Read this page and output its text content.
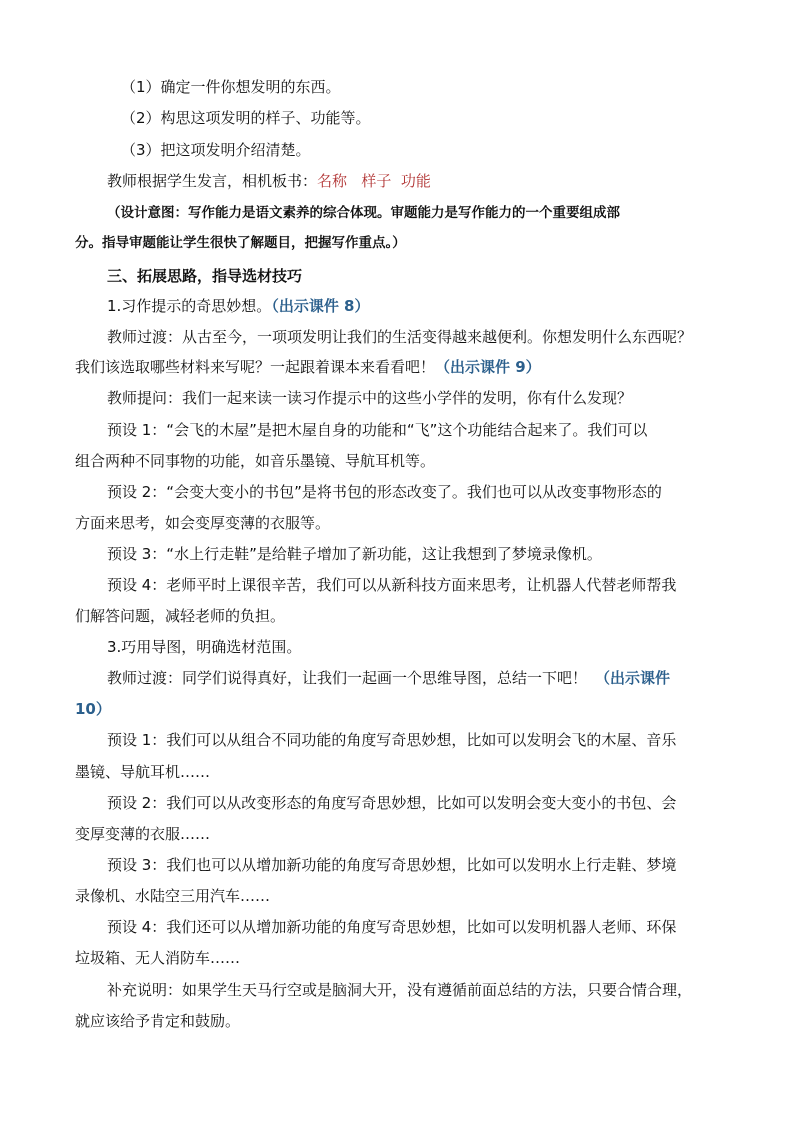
（1）确定一件你想发明的东西。
（2）构思这项发明的样子、功能等。
（3）把这项发明介绍清楚。
教师根据学生发言，相机板书：名称   样子  功能
（设计意图：写作能力是语文素养的综合体现。审题能力是写作能力的一个重要组成部
分。指导审题能让学生很快了解题目，把握写作重点。）
三、拓展思路，指导选材技巧
1.习作提示的奇思妙想。（出示课件 8）
教师过渡：从古至今，一项项发明让我们的生活变得越来越便利。你想发明什么东西呢？
我们该选取哪些材料来写呢？一起跟着课本来看看吧！（出示课件 9）
教师提问：我们一起来读一读习作提示中的这些小学伴的发明，你有什么发现？
预设 1：“会飞的木屋”是把木屋自身的功能和“飞”这个功能结合起来了。我们可以
组合两种不同事物的功能，如音乐墨镜、导航耳机等。
预设 2：“会变大变小的书包”是将书包的形态改变了。我们也可以从改变事物形态的
方面来思考，如会变厚变薄的衣服等。
预设 3：“水上行走鞋”是给鞋子增加了新功能，这让我想到了梦境录像机。
预设 4：老师平时上课很辛苦，我们可以从新科技方面来思考，让机器人代替老师帮我
们解答问题，减轻老师的负担。
3.巧用导图，明确选材范围。
教师过渡：同学们说得真好，让我们一起画一个思维导图，总结一下吧！ （出示课件
10）
预设 1：我们可以从组合不同功能的角度写奇思妙想，比如可以发明会飞的木屋、音乐
墨镜、导航耳机……
预设 2：我们可以从改变形态的角度写奇思妙想，比如可以发明会变大变小的书包、会
变厚变薄的衣服……
预设 3：我们也可以从增加新功能的角度写奇思妙想，比如可以发明水上行走鞋、梦境
录像机、水陆空三用汽车……
预设 4：我们还可以从增加新功能的角度写奇思妙想，比如可以发明机器人老师、环保
垃圾箱、无人消防车……
补充说明：如果学生天马行空或是脑洞大开，没有遵循前面总结的方法，只要合情合理，
就应该给予肯定和鼓励。
